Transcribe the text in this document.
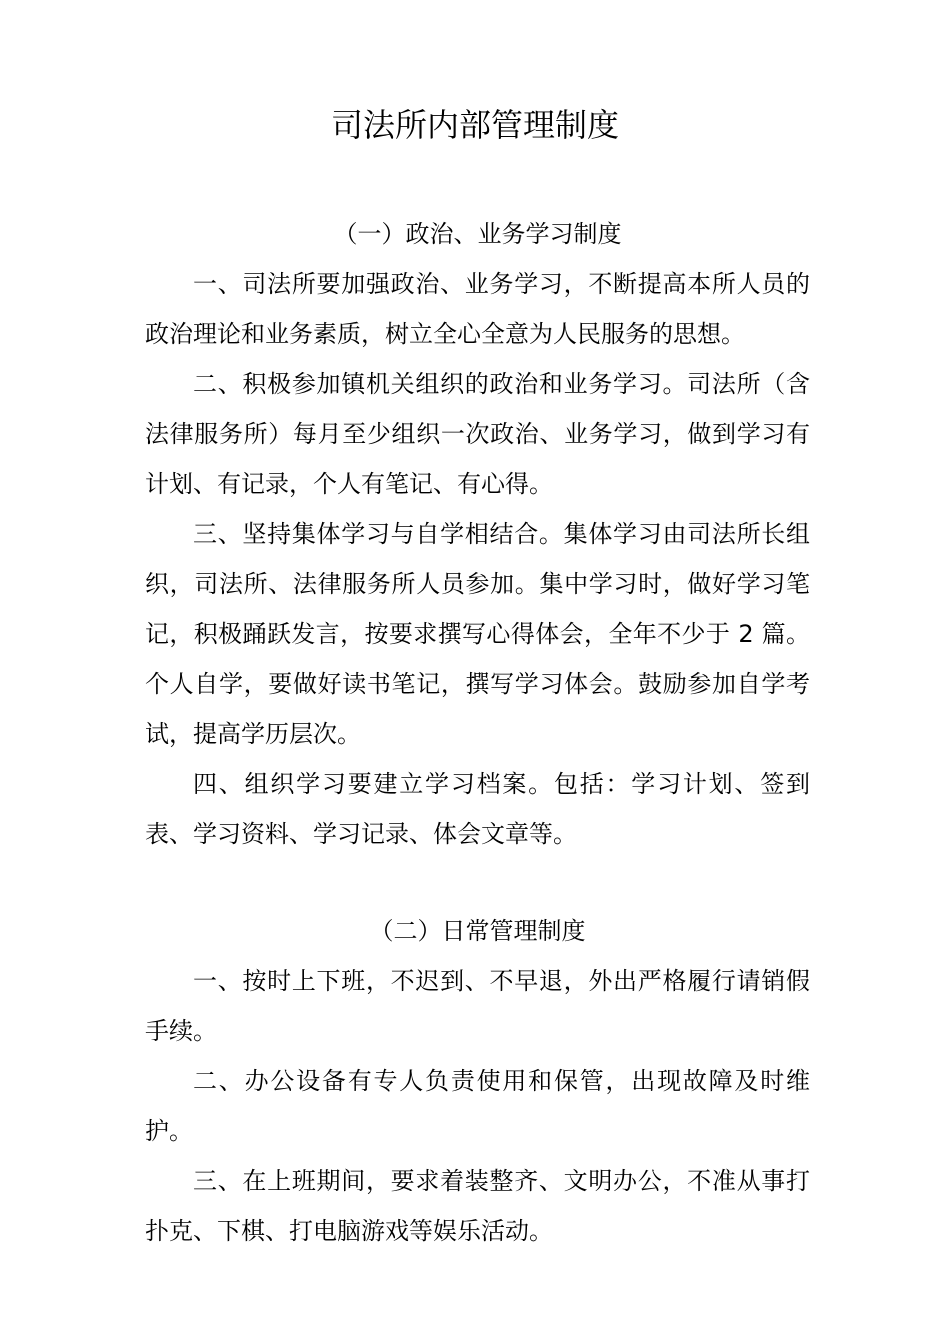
司法所内部管理制度
（一）政治、业务学习制度

一、司法所要加强政治、业务学习，不断提高本所人员的政治理论和业务素质，树立全心全意为人民服务的思想。

二、积极参加镇机关组织的政治和业务学习。司法所（含法律服务所）每月至少组织一次政治、业务学习，做到学习有计划、有记录，个人有笔记、有心得。

三、坚持集体学习与自学相结合。集体学习由司法所长组织，司法所、法律服务所人员参加。集中学习时，做好学习笔记，积极踊跃发言，按要求撰写心得体会，全年不少于 2 篇。个人自学，要做好读书笔记，撰写学习体会。鼓励参加自学考试，提高学历层次。

四、组织学习要建立学习档案。包括：学习计划、签到表、学习资料、学习记录、体会文章等。

（二）日常管理制度

一、按时上下班，不迟到、不早退，外出严格履行请销假手续。

二、办公设备有专人负责使用和保管，出现故障及时维护。

三、在上班期间，要求着装整齐、文明办公，不准从事打扑克、下棋、打电脑游戏等娱乐活动。
